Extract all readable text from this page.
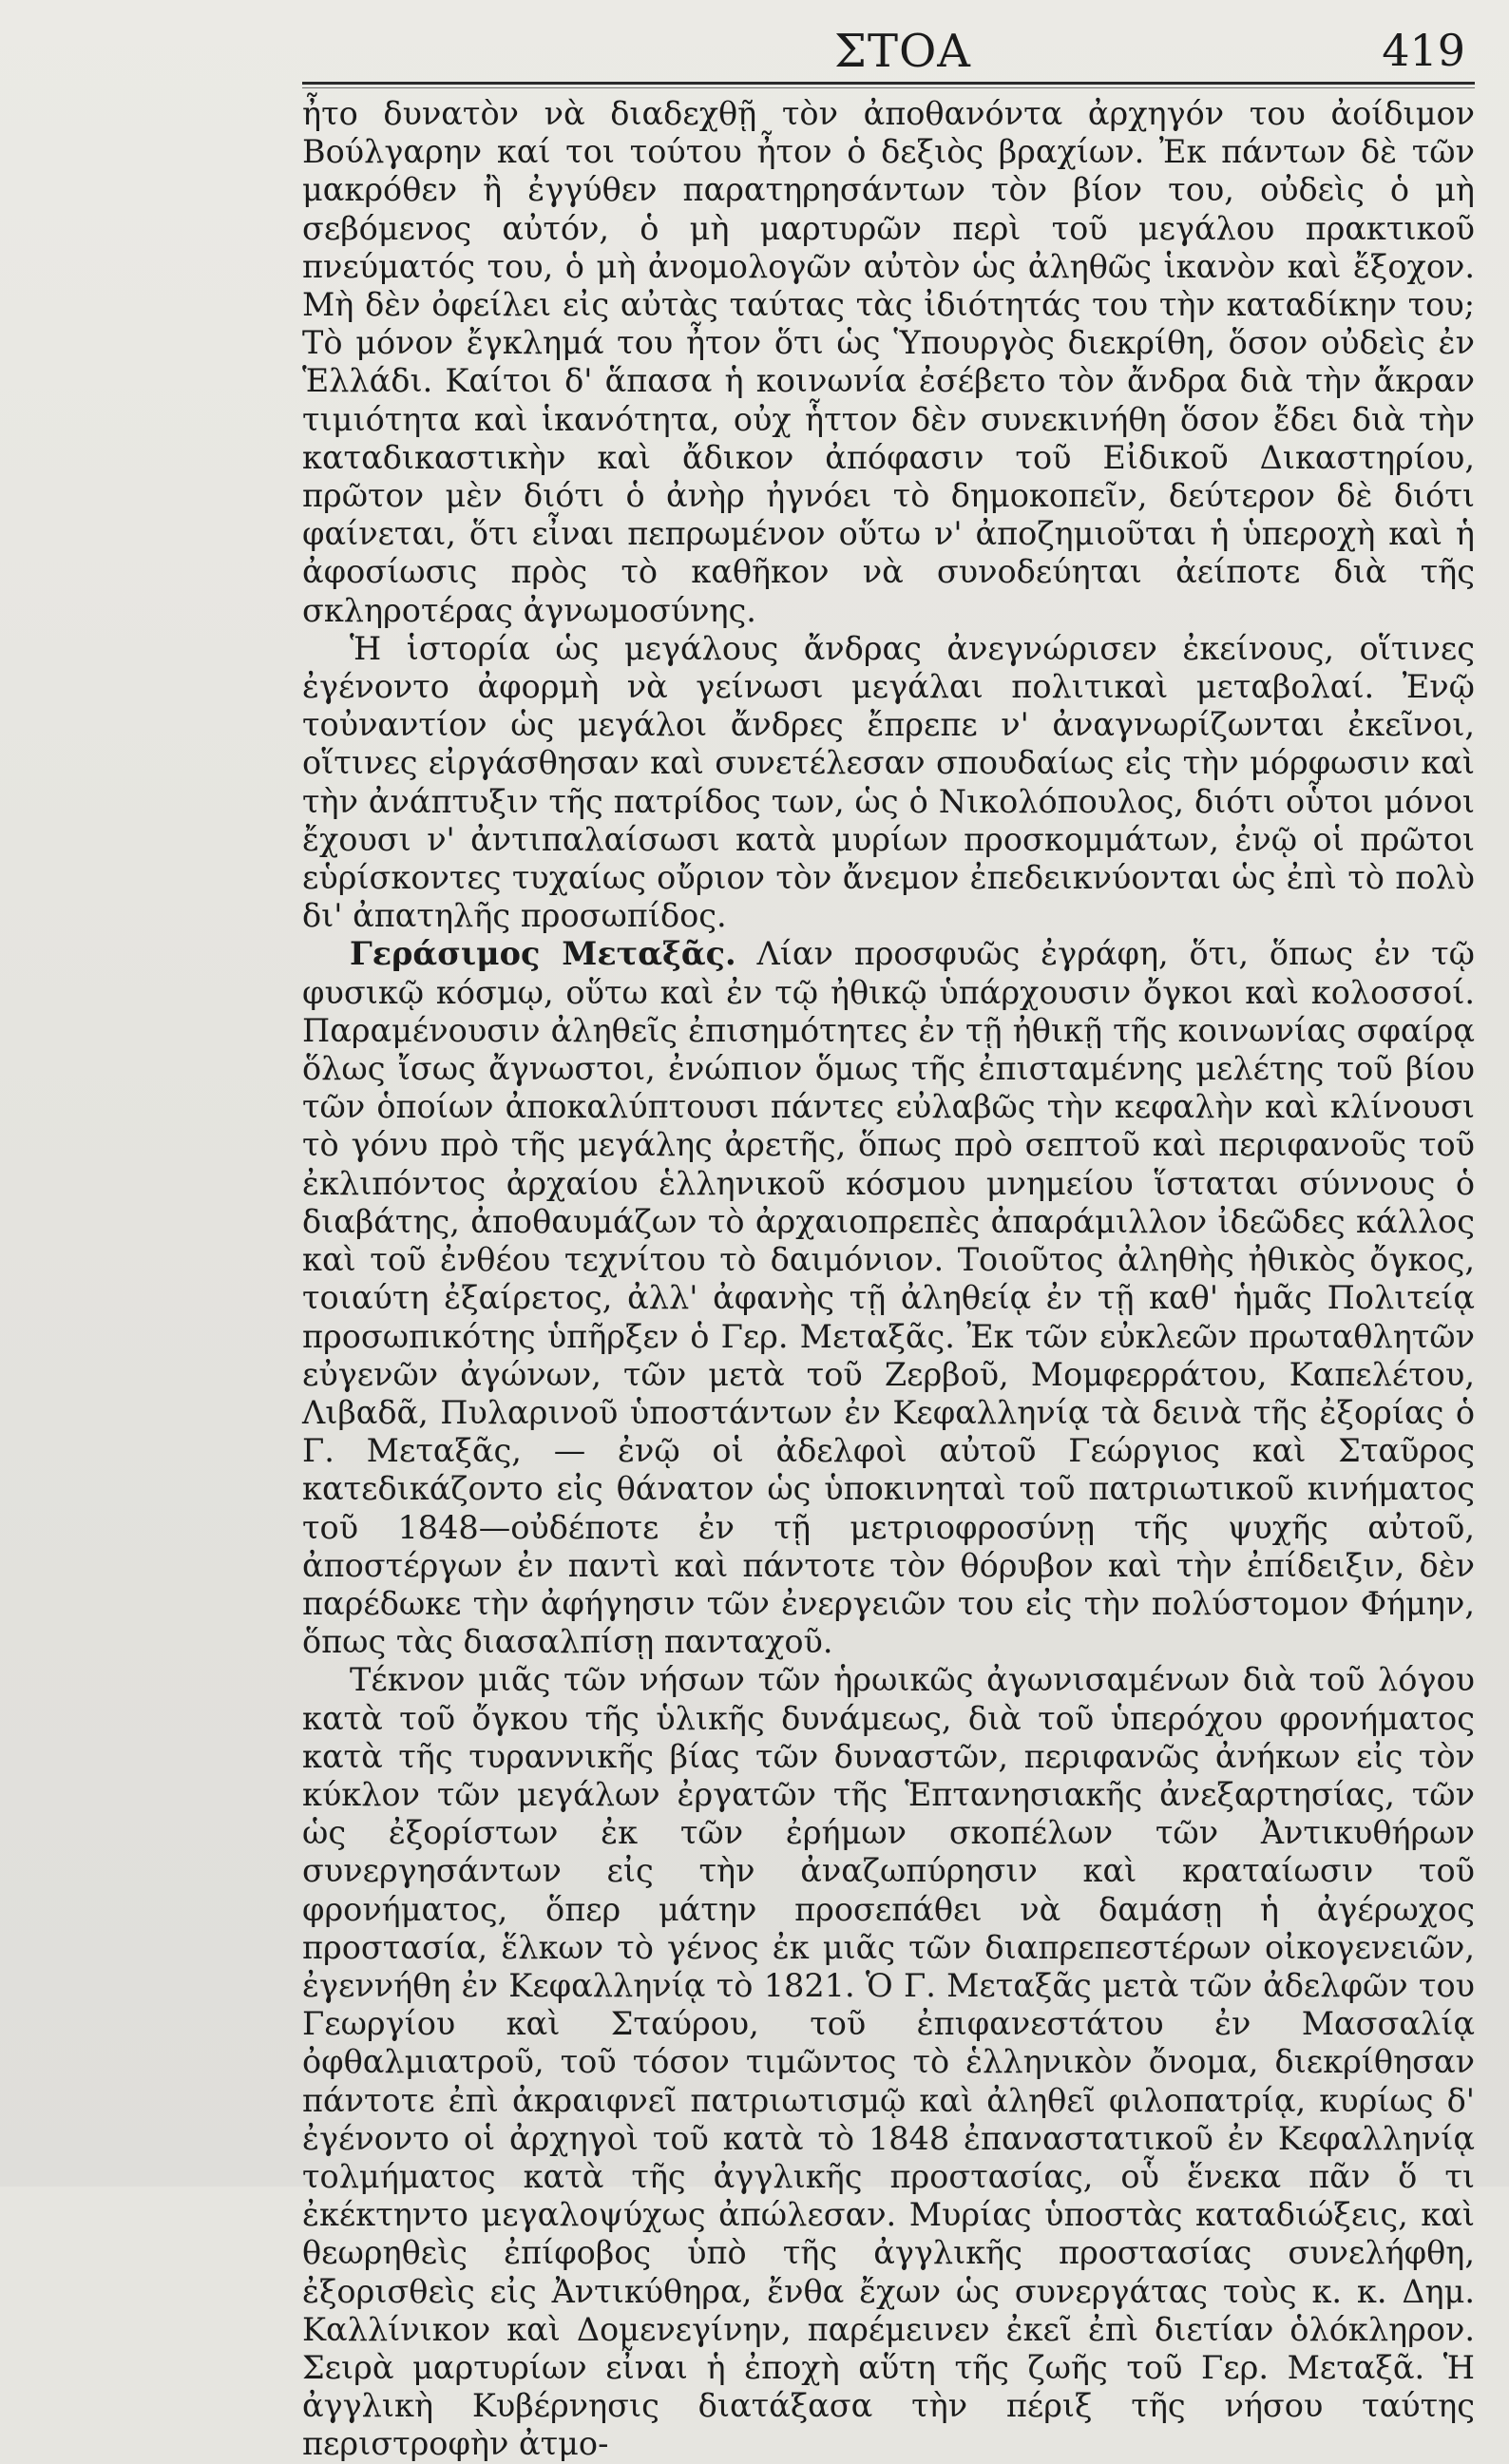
ΣΤΟΑ	419

ἦτο δυνατὸν νὰ διαδεχθῇ τὸν ἀποθανόντα ἀρχηγόν του ἀοίδιμον Βούλγαρην καί τοι τούτου ἦτον ὁ δεξιὸς βραχίων. Ἐκ πάντων δὲ τῶν μακρόθεν ἢ ἐγγύθεν παρατηρησάντων τὸν βίον του, οὐδεὶς ὁ μὴ σεβόμενος αὐτόν, ὁ μὴ μαρτυρῶν περὶ τοῦ μεγάλου πρακτικοῦ πνεύματός του, ὁ μὴ ἀνομολογῶν αὐτὸν ὡς ἀληθῶς ἱκανὸν καὶ ἔξοχον. Μὴ δὲν ὀφείλει εἰς αὐτὰς ταύτας τὰς ἰδιότητάς του τὴν καταδίκην του; Τὸ μόνον ἔγκλημά του ἦτον ὅτι ὡς Ὑπουργὸς διεκρίθη, ὅσον οὐδεὶς ἐν Ἑλλάδι. Καίτοι δ' ἅπασα ἡ κοινωνία ἐσέβετο τὸν ἄνδρα διὰ τὴν ἄκραν τιμιότητα καὶ ἱκανότητα, οὐχ ἧττον δὲν συνεκινήθη ὅσον ἔδει διὰ τὴν καταδικαστικὴν καὶ ἄδικον ἀπόφασιν τοῦ Εἰδικοῦ Δικαστηρίου, πρῶτον μὲν διότι ὁ ἀνὴρ ἠγνόει τὸ δημοκοπεῖν, δεύτερον δὲ διότι φαίνεται, ὅτι εἶναι πεπρωμένον οὕτω ν' ἀποζημιοῦται ἡ ὑπεροχὴ καὶ ἡ ἀφοσίωσις πρὸς τὸ καθῆκον νὰ συνοδεύηται ἀείποτε διὰ τῆς σκληροτέρας ἀγνωμοσύνης.

Ἡ ἱστορία ὡς μεγάλους ἄνδρας ἀνεγνώρισεν ἐκείνους, οἵτινες ἐγένοντο ἀφορμὴ νὰ γείνωσι μεγάλαι πολιτικαὶ μεταβολαί. Ἐνῷ τοὐναντίον ὡς μεγάλοι ἄνδρες ἔπρεπε ν' ἀναγνωρίζωνται ἐκεῖνοι, οἵτινες εἰργάσθησαν καὶ συνετέλεσαν σπουδαίως εἰς τὴν μόρφωσιν καὶ τὴν ἀνάπτυξιν τῆς πατρίδος των, ὡς ὁ Νικολόπουλος, διότι οὗτοι μόνοι ἔχουσι ν' ἀντιπαλαίσωσι κατὰ μυρίων προσκομμάτων, ἐνῷ οἱ πρῶτοι εὑρίσκοντες τυχαίως οὔριον τὸν ἄνεμον ἐπεδεικνύονται ὡς ἐπὶ τὸ πολὺ δι' ἀπατηλῆς προσωπίδος.

Γεράσιμος Μεταξᾶς. Λίαν προσφυῶς ἐγράφη, ὅτι, ὅπως ἐν τῷ φυσικῷ κόσμῳ, οὕτω καὶ ἐν τῷ ἠθικῷ ὑπάρχουσιν ὄγκοι καὶ κολοσσοί. Παραμένουσιν ἀληθεῖς ἐπισημότητες ἐν τῇ ἠθικῇ τῆς κοινωνίας σφαίρᾳ ὅλως ἴσως ἄγνωστοι, ἐνώπιον ὅμως τῆς ἐπισταμένης μελέτης τοῦ βίου τῶν ὁποίων ἀποκαλύπτουσι πάντες εὐλαβῶς τὴν κεφαλὴν καὶ κλίνουσι τὸ γόνυ πρὸ τῆς μεγάλης ἀρετῆς, ὅπως πρὸ σεπτοῦ καὶ περιφανοῦς τοῦ ἐκλιπόντος ἀρχαίου ἑλληνικοῦ κόσμου μνημείου ἵσταται σύννους ὁ διαβάτης, ἀποθαυμάζων τὸ ἀρχαιοπρεπὲς ἀπαράμιλλον ἰδεῶδες κάλλος καὶ τοῦ ἐνθέου τεχνίτου τὸ δαιμόνιον. Τοιοῦτος ἀληθὴς ἠθικὸς ὄγκος, τοιαύτη ἐξαίρετος, ἀλλ' ἀφανὴς τῇ ἀληθείᾳ ἐν τῇ καθ' ἡμᾶς Πολιτείᾳ προσωπικότης ὑπῆρξεν ὁ Γερ. Μεταξᾶς. Ἐκ τῶν εὐκλεῶν πρωταθλητῶν εὐγενῶν ἀγώνων, τῶν μετὰ τοῦ Ζερβοῦ, Μομφερράτου, Καπελέτου, Λιβαδᾶ, Πυλαρινοῦ ὑποστάντων ἐν Κεφαλληνίᾳ τὰ δεινὰ τῆς ἐξορίας ὁ Γ. Μεταξᾶς, — ἐνῷ οἱ ἀδελφοὶ αὐτοῦ Γεώργιος καὶ Σταῦρος κατεδικάζοντο εἰς θάνατον ὡς ὑποκινηταὶ τοῦ πατριωτικοῦ κινήματος τοῦ 1848—οὐδέποτε ἐν τῇ μετριοφροσύνῃ τῆς ψυχῆς αὐτοῦ, ἀποστέργων ἐν παντὶ καὶ πάντοτε τὸν θόρυβον καὶ τὴν ἐπίδειξιν, δὲν παρέδωκε τὴν ἀφήγησιν τῶν ἐνεργειῶν του εἰς τὴν πολύστομον Φήμην, ὅπως τὰς διασαλπίσῃ πανταχοῦ.

Τέκνον μιᾶς τῶν νήσων τῶν ἡρωικῶς ἀγωνισαμένων διὰ τοῦ λόγου κατὰ τοῦ ὄγκου τῆς ὑλικῆς δυνάμεως, διὰ τοῦ ὑπερόχου φρονήματος κατὰ τῆς τυραννικῆς βίας τῶν δυναστῶν, περιφανῶς ἀνήκων εἰς τὸν κύκλον τῶν μεγάλων ἐργατῶν τῆς Ἑπτανησιακῆς ἀνεξαρτησίας, τῶν ὡς ἐξορίστων ἐκ τῶν ἐρήμων σκοπέλων τῶν Ἀντικυθήρων συνεργησάντων εἰς τὴν ἀναζωπύρησιν καὶ κραταίωσιν τοῦ φρονήματος, ὅπερ μάτην προσεπάθει νὰ δαμάσῃ ἡ ἀγέρωχος προστασία, ἕλκων τὸ γένος ἐκ μιᾶς τῶν διαπρεπεστέρων οἰκογενειῶν, ἐγεννήθη ἐν Κεφαλληνίᾳ τὸ 1821. Ὁ Γ. Μεταξᾶς μετὰ τῶν ἀδελφῶν του Γεωργίου καὶ Σταύρου, τοῦ ἐπιφανεστάτου ἐν Μασσαλίᾳ ὀφθαλμιατροῦ, τοῦ τόσον τιμῶντος τὸ ἑλληνικὸν ὄνομα, διεκρίθησαν πάντοτε ἐπὶ ἀκραιφνεῖ πατριωτισμῷ καὶ ἀληθεῖ φιλοπατρίᾳ, κυρίως δ' ἐγένοντο οἱ ἀρχηγοὶ τοῦ κατὰ τὸ 1848 ἐπαναστατικοῦ ἐν Κεφαλληνίᾳ τολμήματος κατὰ τῆς ἀγγλικῆς προστασίας, οὗ ἕνεκα πᾶν ὅ τι ἐκέκτηντο μεγαλοψύχως ἀπώλεσαν. Μυρίας ὑποστὰς καταδιώξεις, καὶ θεωρηθεὶς ἐπίφοβος ὑπὸ τῆς ἀγγλικῆς προστασίας συνελήφθη, ἐξορισθεὶς εἰς Ἀντικύθηρα, ἔνθα ἔχων ὡς συνεργάτας τοὺς κ. κ. Δημ. Καλλίνικον καὶ Δομενεγίνην, παρέμεινεν ἐκεῖ ἐπὶ διετίαν ὁλόκληρον. Σειρὰ μαρτυρίων εἶναι ἡ ἐποχὴ αὕτη τῆς ζωῆς τοῦ Γερ. Μεταξᾶ. Ἡ ἀγγλικὴ Κυβέρνησις διατάξασα τὴν πέριξ τῆς νήσου ταύτης περιστροφὴν ἀτμο-
